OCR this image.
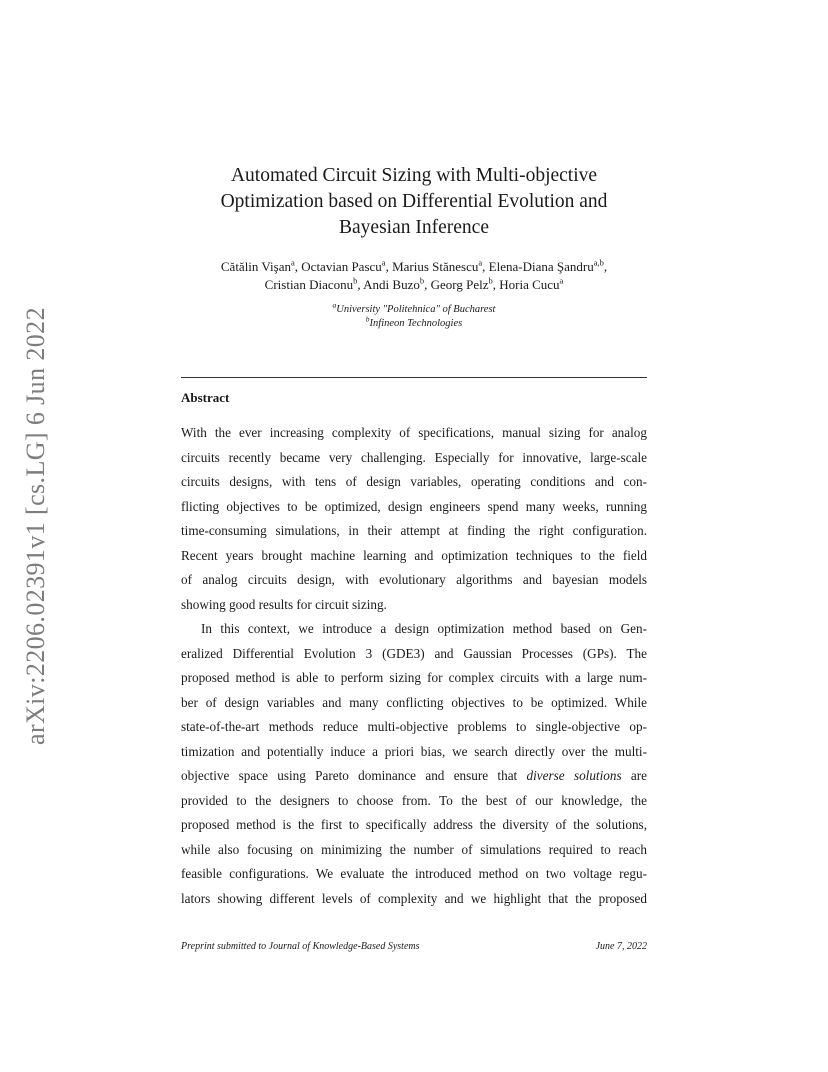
arXiv:2206.02391v1 [cs.LG] 6 Jun 2022
Automated Circuit Sizing with Multi-objective
Optimization based on Differential Evolution and
Bayesian Inference
Cătălin Vişan$^a$, Octavian Pascu$^a$, Marius Stănescu$^a$, Elena-Diana Şandru$^{a,b}$,
Cristian Diaconu$^b$, Andi Buzo$^b$, Georg Pelz$^b$, Horia Cucu$^a$
$^a$University "Politehnica" of Bucharest
$^b$Infineon Technologies
Abstract
With the ever increasing complexity of specifications, manual sizing for analog
circuits recently became very challenging. Especially for innovative, large-scale
circuits designs, with tens of design variables, operating conditions and con-
flicting objectives to be optimized, design engineers spend many weeks, running
time-consuming simulations, in their attempt at finding the right configuration.
Recent years brought machine learning and optimization techniques to the field
of analog circuits design, with evolutionary algorithms and bayesian models
showing good results for circuit sizing.
In this context, we introduce a design optimization method based on Gen-
eralized Differential Evolution 3 (GDE3) and Gaussian Processes (GPs). The
proposed method is able to perform sizing for complex circuits with a large num-
ber of design variables and many conflicting objectives to be optimized. While
state-of-the-art methods reduce multi-objective problems to single-objective op-
timization and potentially induce a priori bias, we search directly over the multi-
objective space using Pareto dominance and ensure that diverse solutions are
provided to the designers to choose from. To the best of our knowledge, the
proposed method is the first to specifically address the diversity of the solutions,
while also focusing on minimizing the number of simulations required to reach
feasible configurations. We evaluate the introduced method on two voltage regu-
lators showing different levels of complexity and we highlight that the proposed
Preprint submitted to Journal of Knowledge-Based Systems	June 7, 2022
